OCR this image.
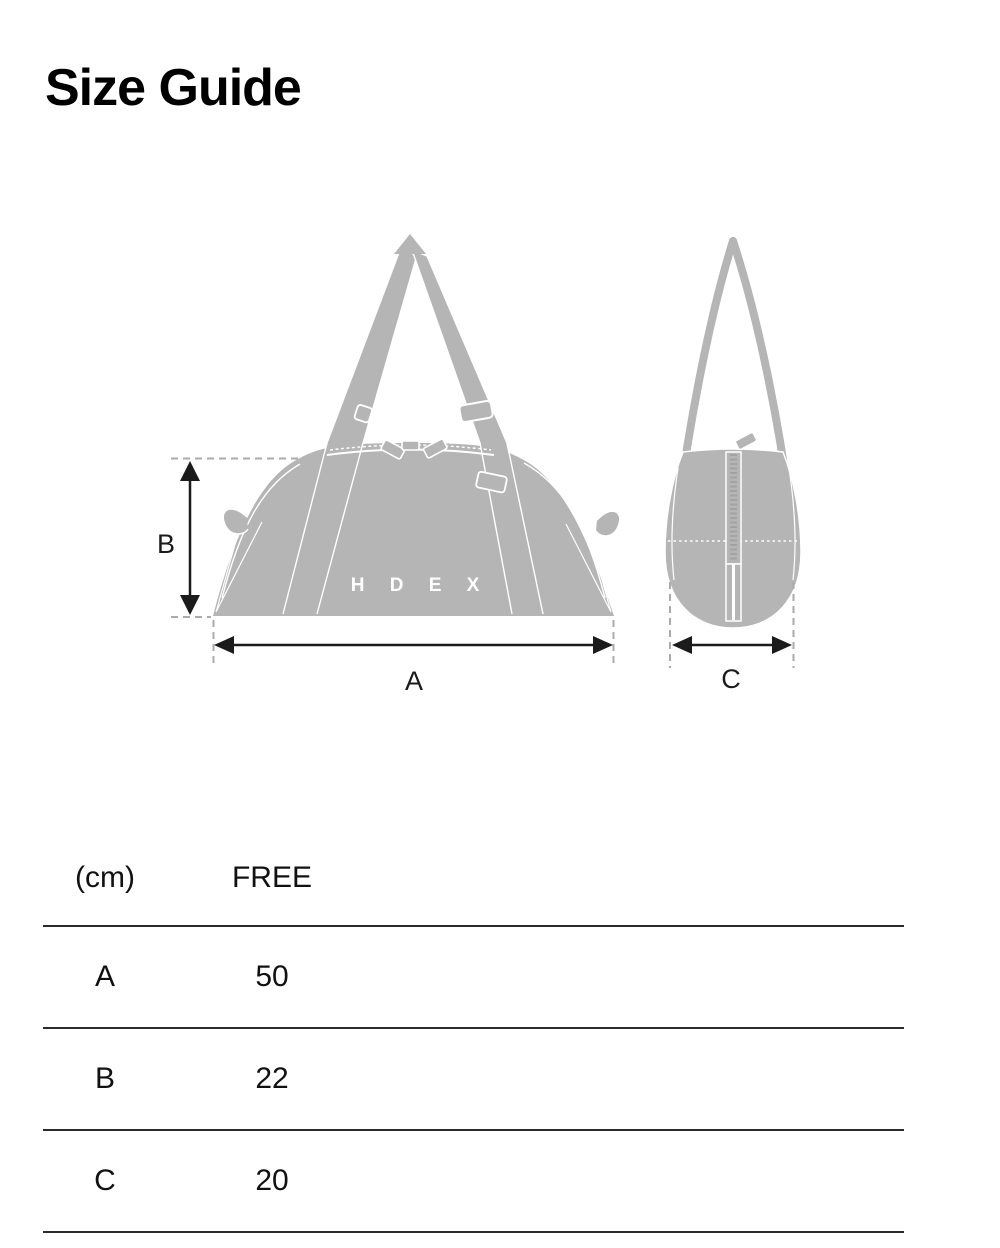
Size Guide
H D E X
B
A	C
(cm)	FREE
A	50
B	22
C	20
